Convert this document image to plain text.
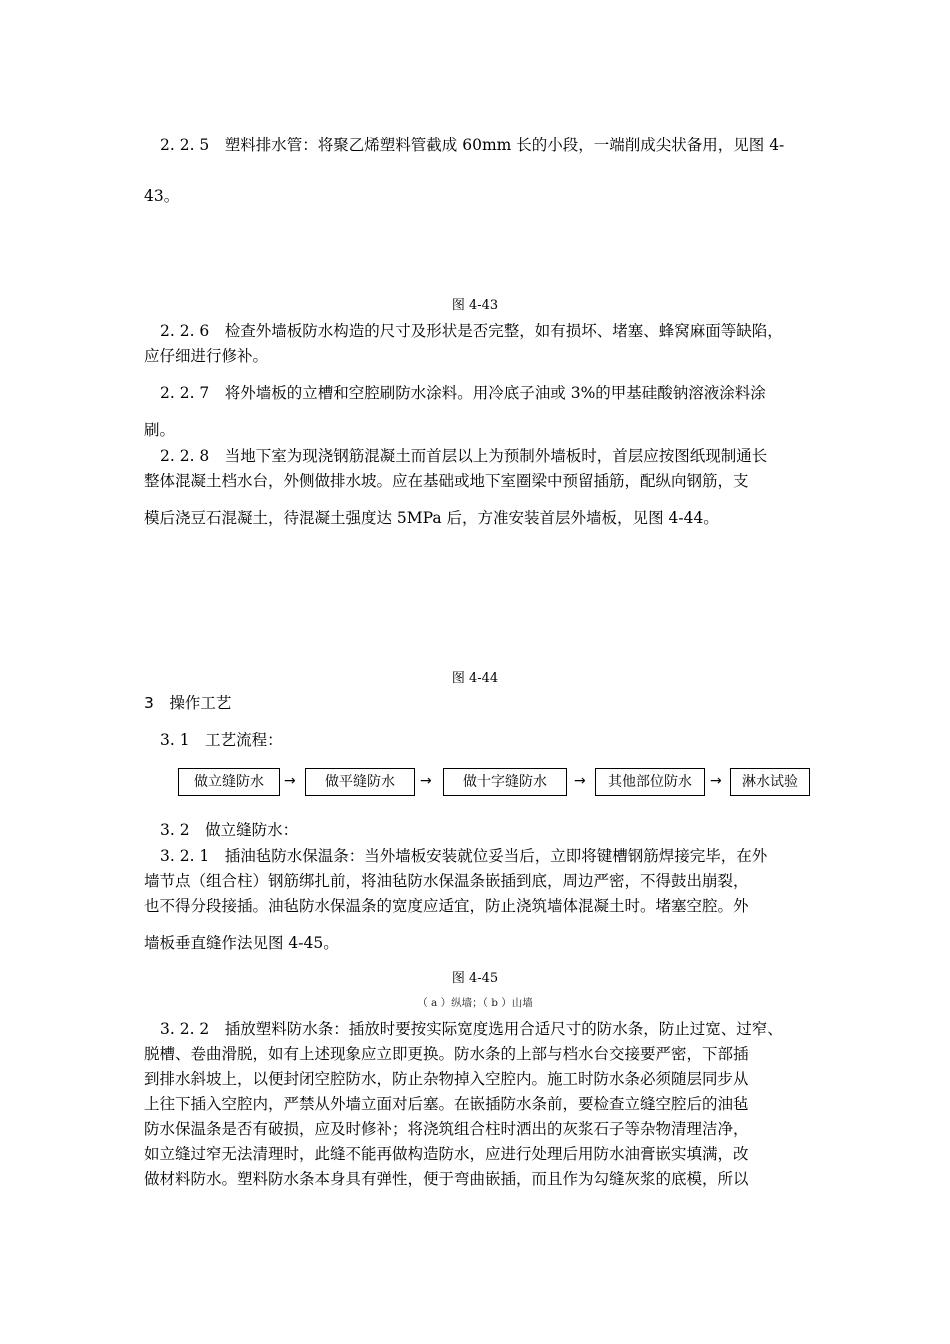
2. 2. 5　塑料排水管：将聚乙烯塑料管截成 60mm 长的小段，一端削成尖状备用，见图 4-
43。
图 4-43
2. 2. 6　检查外墙板防水构造的尺寸及形状是否完整，如有损坏、堵塞、蜂窝麻面等缺陷，
应仔细进行修补。
2. 2. 7　将外墙板的立槽和空腔刷防水涂料。用冷底子油或 3%的甲基硅酸钠溶液涂料涂
刷。
2. 2. 8　当地下室为现浇钢筋混凝土而首层以上为预制外墙板时，首层应按图纸现制通长
整体混凝土档水台，外侧做排水坡。应在基础或地下室圈梁中预留插筋，配纵向钢筋，支
模后浇豆石混凝土，待混凝土强度达 5MPa 后，方准安装首层外墙板，见图 4-44。
图 4-44
3　操作工艺
3. 1　工艺流程：
做立缝防水	→	做平缝防水	→	做十字缝防水	→	其他部位防水	→	淋水试验
3. 2　做立缝防水：
3. 2. 1　插油毡防水保温条：当外墙板安装就位妥当后，立即将键槽钢筋焊接完毕，在外
墙节点（组合柱）钢筋绑扎前，将油毡防水保温条嵌插到底，周边严密，不得鼓出崩裂，
也不得分段接插。油毡防水保温条的宽度应适宜，防止浇筑墙体混凝土时。堵塞空腔。外
墙板垂直缝作法见图 4-45。
图 4-45
（ a ）纵墙；（ b ）山墙
3. 2. 2　插放塑料防水条：插放时要按实际宽度选用合适尺寸的防水条，防止过宽、过窄、
脱槽、卷曲滑脱，如有上述现象应立即更换。防水条的上部与档水台交接要严密，下部插
到排水斜坡上，以便封闭空腔防水，防止杂物掉入空腔内。施工时防水条必须随层同步从
上往下插入空腔内，严禁从外墙立面对后塞。在嵌插防水条前，要检查立缝空腔后的油毡
防水保温条是否有破损，应及时修补；将浇筑组合柱时洒出的灰浆石子等杂物清理洁净，
如立缝过窄无法清理时，此缝不能再做构造防水，应进行处理后用防水油膏嵌实填满，改
做材料防水。塑料防水条本身具有弹性，便于弯曲嵌插，而且作为勾缝灰浆的底模，所以
